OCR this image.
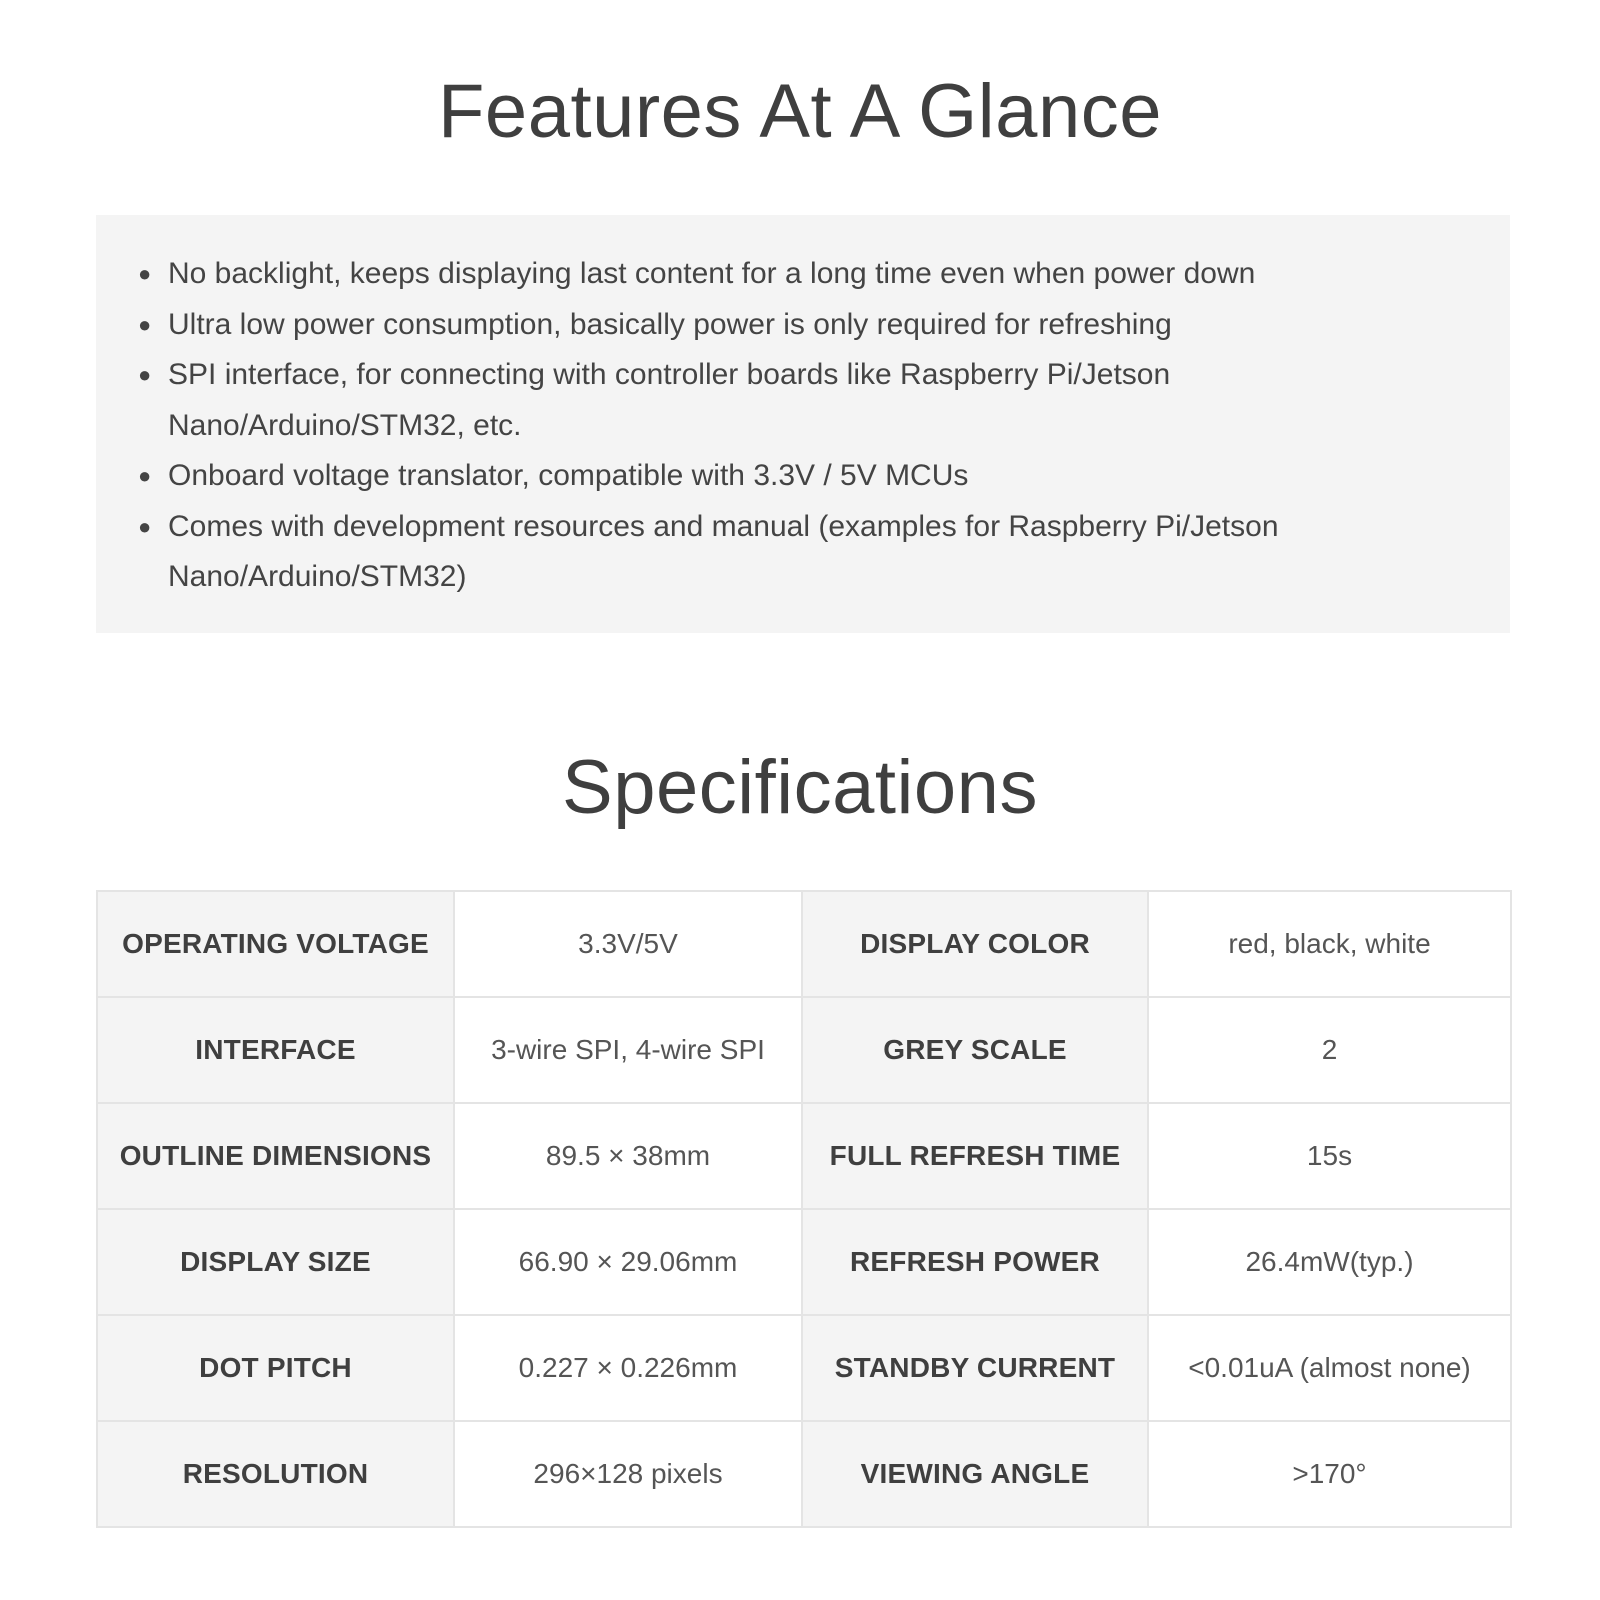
Features At A Glance
● No backlight, keeps displaying last content for a long time even when power down
● Ultra low power consumption, basically power is only required for refreshing
● SPI interface, for connecting with controller boards like Raspberry Pi/Jetson Nano/Arduino/STM32, etc.
● Onboard voltage translator, compatible with 3.3V / 5V MCUs
● Comes with development resources and manual (examples for Raspberry Pi/Jetson Nano/Arduino/STM32)
Specifications
OPERATING VOLTAGE	3.3V/5V	DISPLAY COLOR	red, black, white
INTERFACE	3-wire SPI, 4-wire SPI	GREY SCALE	2
OUTLINE DIMENSIONS	89.5 × 38mm	FULL REFRESH TIME	15s
DISPLAY SIZE	66.90 × 29.06mm	REFRESH POWER	26.4mW(typ.)
DOT PITCH	0.227 × 0.226mm	STANDBY CURRENT	<0.01uA (almost none)
RESOLUTION	296×128 pixels	VIEWING ANGLE	>170°
